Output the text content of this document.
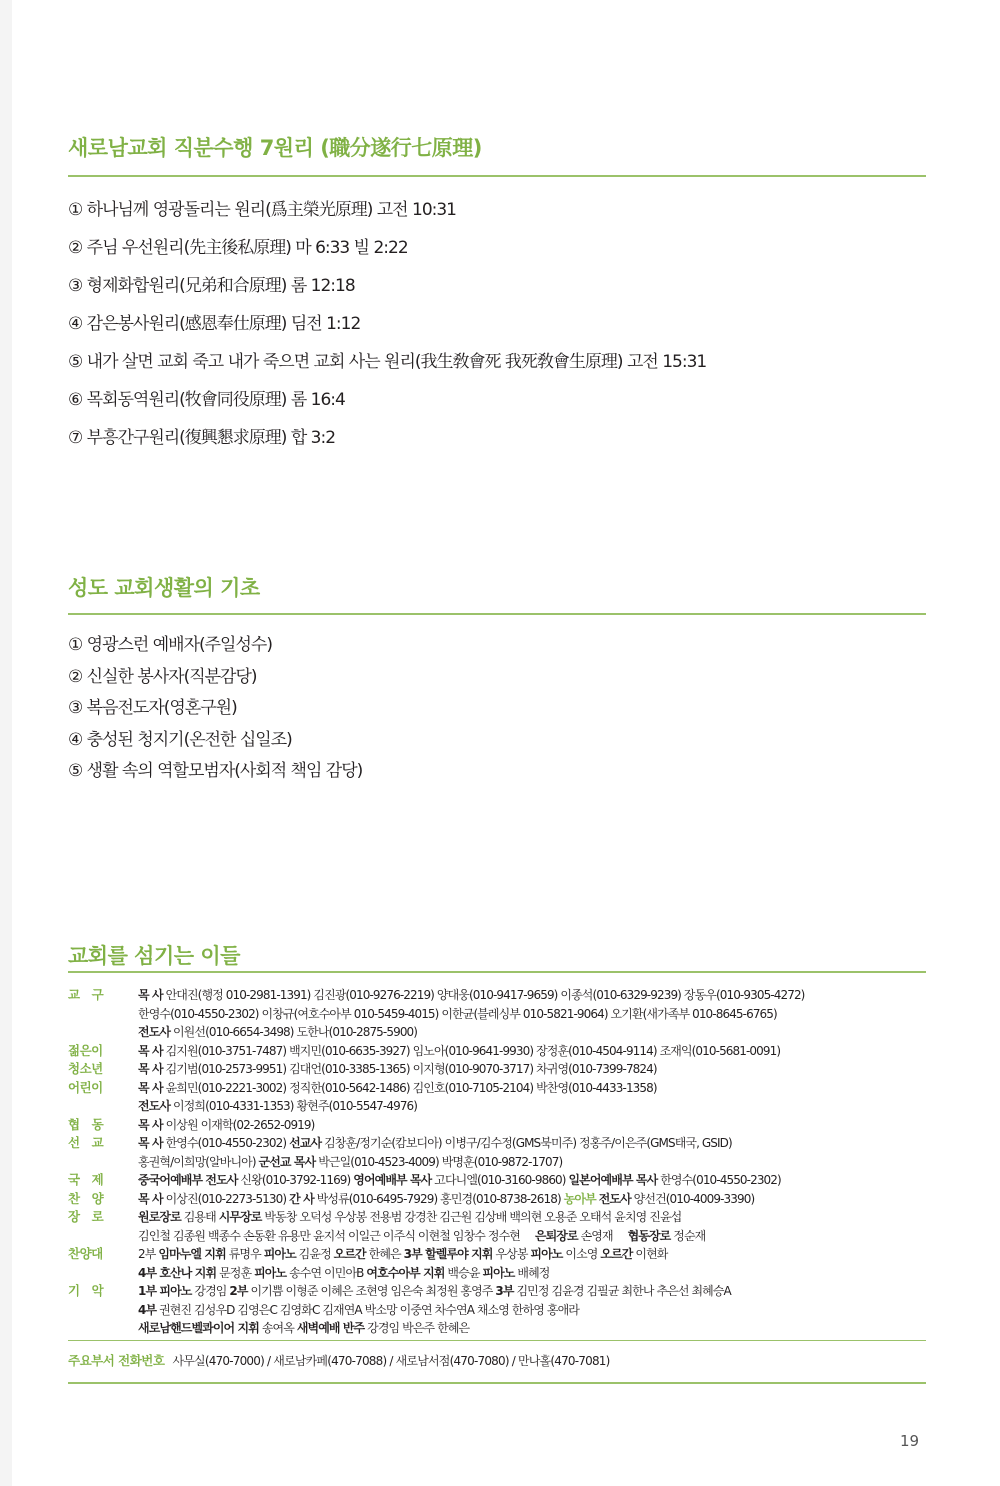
새로남교회 직분수행 7원리 (職分遂行七原理)
① 하나님께 영광돌리는 원리(爲主榮光原理) 고전 10:31
② 주님 우선원리(先主後私原理) 마 6:33 빌 2:22
③ 형제화합원리(兄弟和合原理) 롬 12:18
④ 감은봉사원리(感恩奉仕原理) 딤전 1:12
⑤ 내가 살면 교회 죽고 내가 죽으면 교회 사는 원리(我生敎會死 我死敎會生原理) 고전 15:31
⑥ 목회동역원리(牧會同役原理) 롬 16:4
⑦ 부흥간구원리(復興懇求原理) 합 3:2
성도 교회생활의 기초
① 영광스런 예배자(주일성수)
② 신실한 봉사자(직분감당)
③ 복음전도자(영혼구원)
④ 충성된 청지기(온전한 십일조)
⑤ 생활 속의 역할모범자(사회적 책임 감당)
교회를 섬기는 이들
교　구	목 사 안대진(행정 010-2981-1391) 김진광(010-9276-2219) 양대웅(010-9417-9659) 이종석(010-6329-9239) 장동우(010-9305-4272)
한영수(010-4550-2302) 이창규(여호수아부 010-5459-4015) 이한균(블레싱부 010-5821-9064) 오기환(새가족부 010-8645-6765)
전도사 이원선(010-6654-3498) 도한나(010-2875-5900)
젊은이	목 사 김지원(010-3751-7487) 백지민(010-6635-3927) 임노아(010-9641-9930) 장정훈(010-4504-9114) 조재익(010-5681-0091)
청소년	목 사 김기범(010-2573-9951) 김대언(010-3385-1365) 이지형(010-9070-3717) 차귀영(010-7399-7824)
어린이	목 사 윤희민(010-2221-3002) 정직한(010-5642-1486) 김인호(010-7105-2104) 박찬영(010-4433-1358)
전도사 이정희(010-4331-1353) 황현주(010-5547-4976)
협　동	목 사 이상원 이재학(02-2652-0919)
선　교	목 사 한영수(010-4550-2302) 선교사 김창훈/정기순(캄보디아) 이병구/김수정(GMS북미주) 정홍주/이은주(GMS태국, GSID)
홍권혁/이희망(알바니아) 군선교 목사 박근일(010-4523-4009) 박명훈(010-9872-1707)
국　제	중국어예배부 전도사 신왕(010-3792-1169) 영어예배부 목사 고다니엘(010-3160-9860) 일본어예배부 목사 한영수(010-4550-2302)
찬　양	목 사 이상진(010-2273-5130) 간 사 박성류(010-6495-7929) 홍민경(010-8738-2618) 농아부 전도사 양선건(010-4009-3390)
장　로	원로장로 김용태 시무장로 박동창 오덕성 우상봉 전용범 강경찬 김근원 김상배 백의현 오용준 오태석 윤치영 진윤섭
김인철 김종원 백종수 손동환 유용만 윤지석 이일근 이주식 이현철 임창수 정수현 은퇴장로 손영재 협동장로 정순재
찬양대	2부 임마누엘 지휘 류명우 피아노 김윤정 오르간 한혜은 3부 할렐루야 지휘 우상봉 피아노 이소영 오르간 이현화
4부 호산나 지휘 문정훈 피아노 송수연 이민아B 여호수아부 지휘 백승윤 피아노 배혜정
기　악	1부 피아노 강경임 2부 이기쁨 이형준 이혜은 조현영 임은숙 최정원 홍영주 3부 김민정 김윤경 김필균 최한나 추은선 최혜승A
4부 권현진 김성우D 김영은C 김영화C 김재연A 박소망 이중연 차수연A 채소영 한하영 홍애라
새로남핸드벨콰이어 지휘 송여옥 새벽예배 반주 강경임 박은주 한혜은
주요부서 전화번호 사무실(470-7000) / 새로남카페(470-7088) / 새로남서점(470-7080) / 만나홀(470-7081)
19
